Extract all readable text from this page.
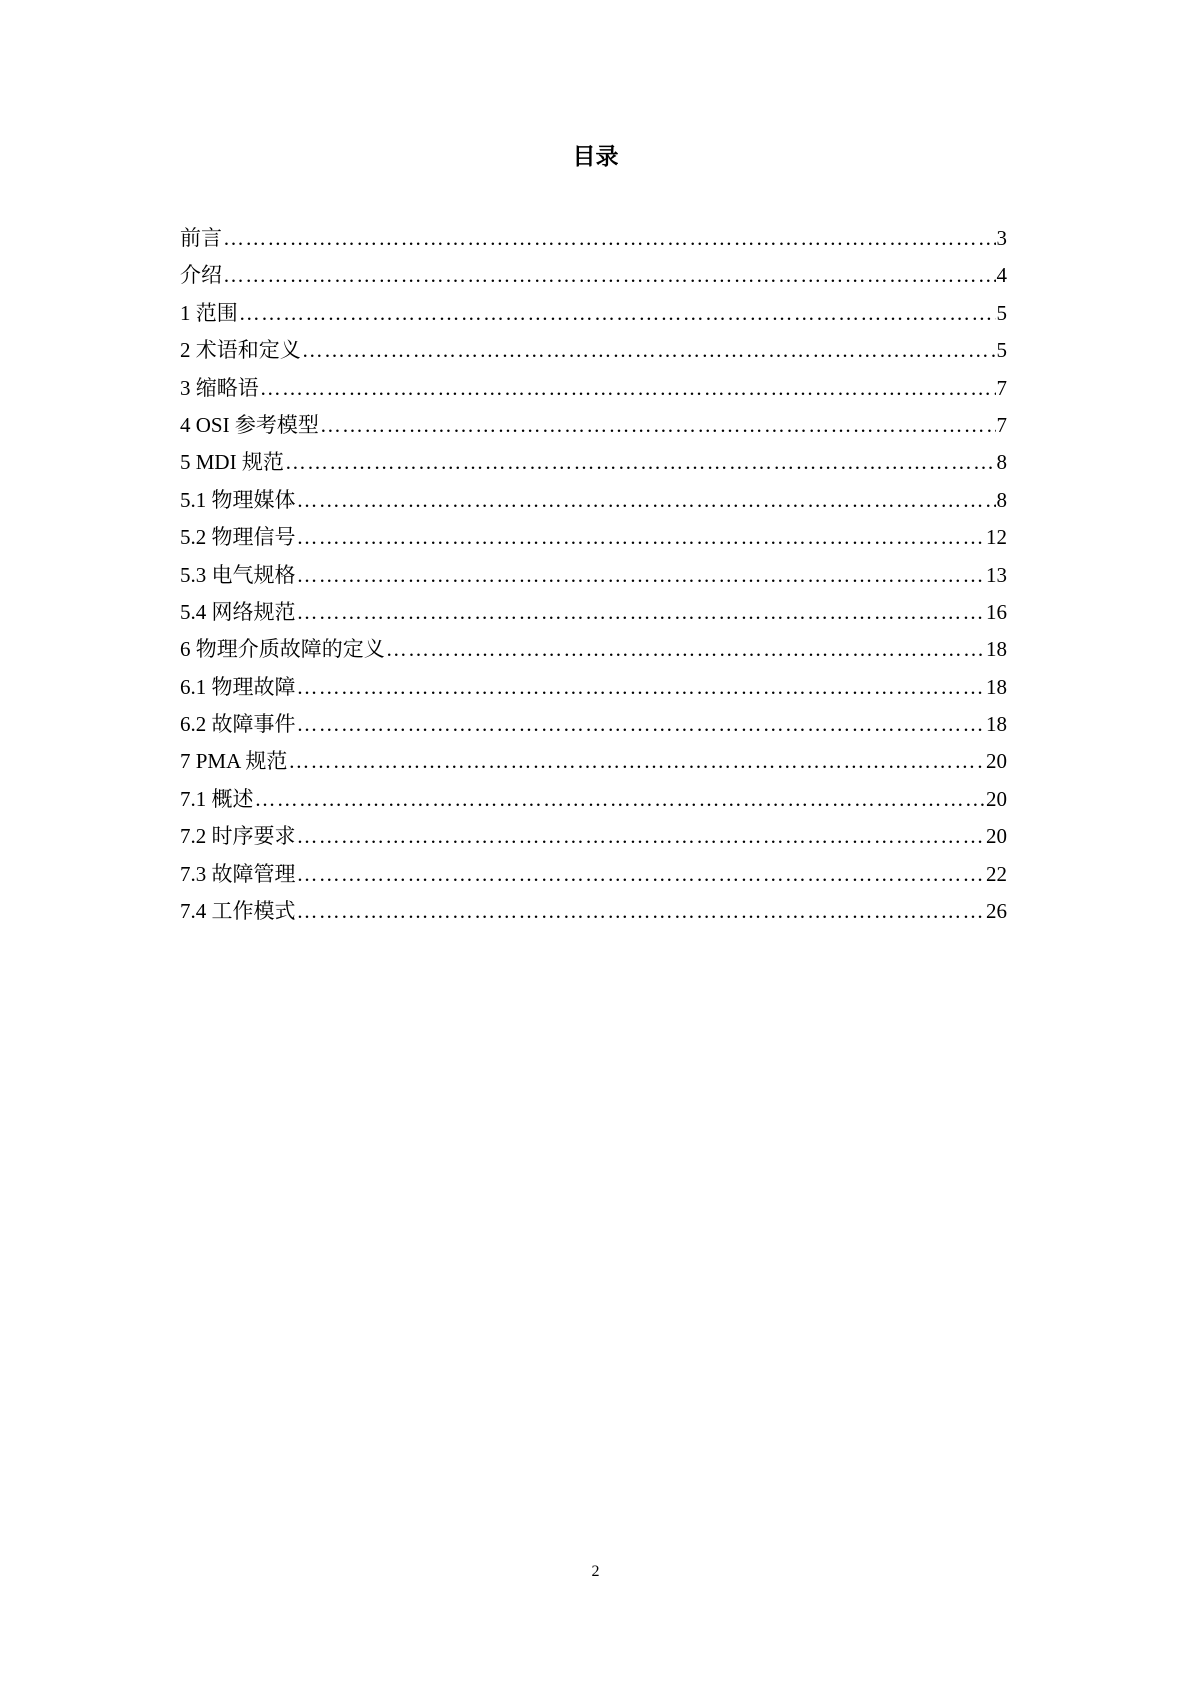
目录
前言 ……………………………………………………………………………………………………………………………………………………………………………………………………	3
介绍 ……………………………………………………………………………………………………………………………………………………………………………………………………	4
1 范围 ……………………………………………………………………………………………………………………………………………………………………………………………………	5
2 术语和定义 ……………………………………………………………………………………………………………………………………………………………………………………………………	5
3 缩略语 ……………………………………………………………………………………………………………………………………………………………………………………………………	7
4 OSI 参考模型 ……………………………………………………………………………………………………………………………………………………………………………………………………	7
5 MDI 规范 ……………………………………………………………………………………………………………………………………………………………………………………………………	8
5.1 物理媒体 ……………………………………………………………………………………………………………………………………………………………………………………………………	8
5.2 物理信号 ……………………………………………………………………………………………………………………………………………………………………………………………………	12
5.3 电气规格 ……………………………………………………………………………………………………………………………………………………………………………………………………	13
5.4 网络规范 ……………………………………………………………………………………………………………………………………………………………………………………………………	16
6 物理介质故障的定义 ……………………………………………………………………………………………………………………………………………………………………………………………………	18
6.1 物理故障 ……………………………………………………………………………………………………………………………………………………………………………………………………	18
6.2 故障事件 ……………………………………………………………………………………………………………………………………………………………………………………………………	18
7 PMA 规范 ……………………………………………………………………………………………………………………………………………………………………………………………………	20
7.1 概述 ……………………………………………………………………………………………………………………………………………………………………………………………………	20
7.2 时序要求 ……………………………………………………………………………………………………………………………………………………………………………………………………	20
7.3 故障管理 ……………………………………………………………………………………………………………………………………………………………………………………………………	22
7.4 工作模式 ……………………………………………………………………………………………………………………………………………………………………………………………………	26
2
